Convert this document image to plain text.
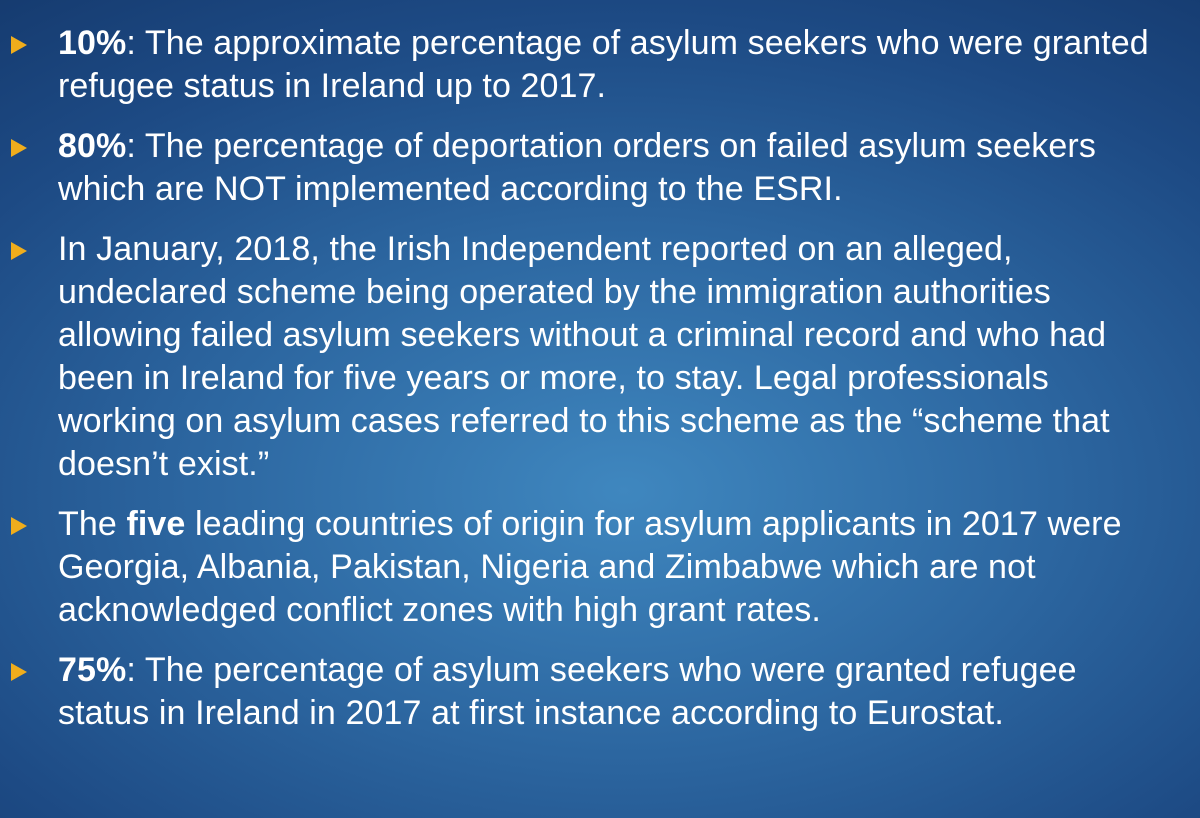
10%: The approximate percentage of asylum seekers who were granted refugee status in Ireland up to 2017.
80%: The percentage of deportation orders on failed asylum seekers which are NOT implemented according to the ESRI.
In January, 2018, the Irish Independent reported on an alleged, undeclared scheme being operated by the immigration authorities allowing failed asylum seekers without a criminal record and who had been in Ireland for five years or more, to stay. Legal professionals working on asylum cases referred to this scheme as the “scheme that doesn’t exist.”
The five leading countries of origin for asylum applicants in 2017 were Georgia, Albania, Pakistan, Nigeria and Zimbabwe which are not acknowledged conflict zones with high grant rates.
75%: The percentage of asylum seekers who were granted refugee status in Ireland in 2017 at first instance according to Eurostat.
